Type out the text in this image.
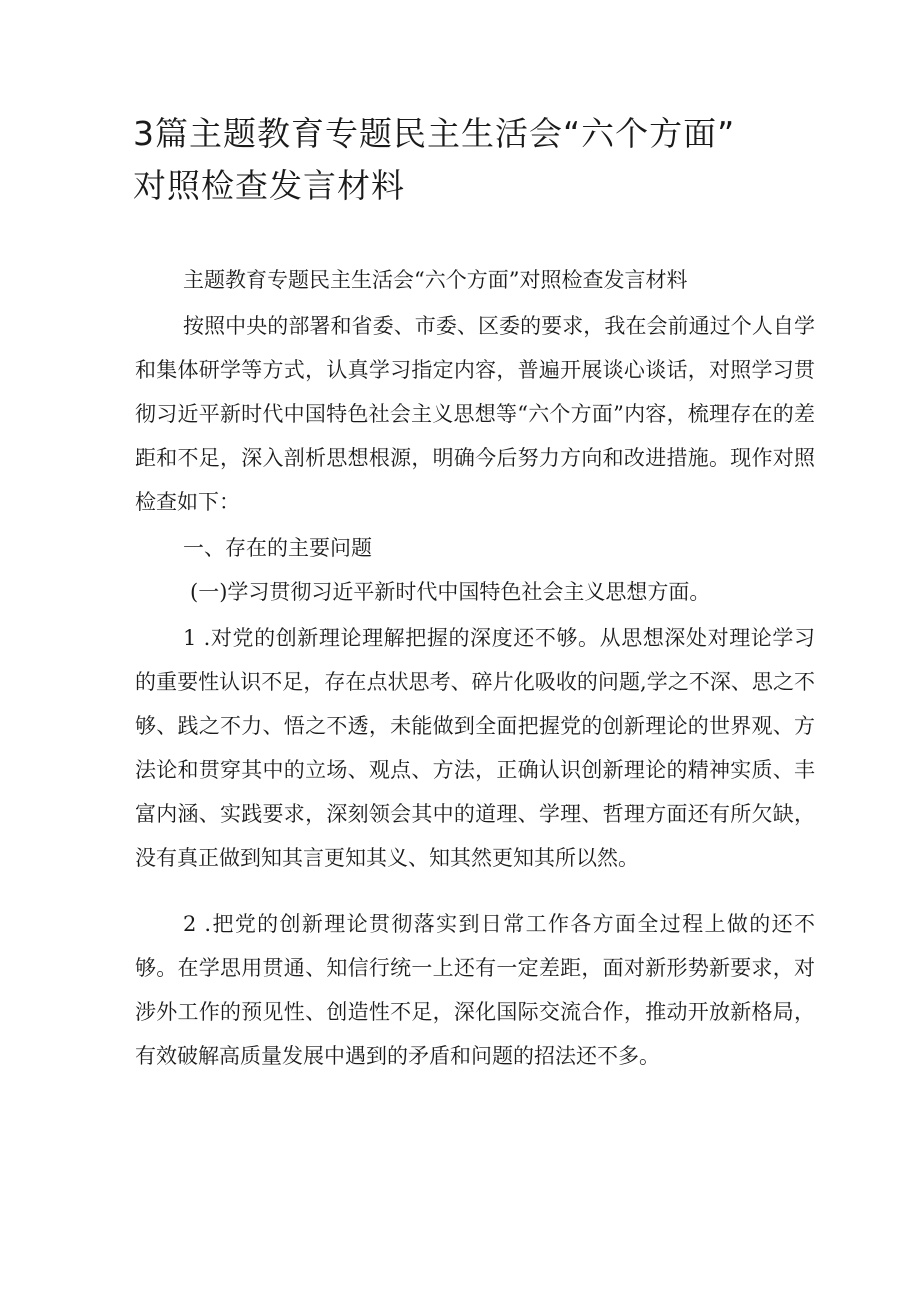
3篇主题教育专题民主生活会“六个方面”
对照检查发言材料

主题教育专题民主生活会“六个方面”对照检查发言材料

按照中央的部署和省委、市委、区委的要求，我在会前通过个人自学和集体研学等方式，认真学习指定内容，普遍开展谈心谈话，对照学习贯彻习近平新时代中国特色社会主义思想等“六个方面”内容，梳理存在的差距和不足，深入剖析思想根源，明确今后努力方向和改进措施。现作对照检查如下：

一、存在的主要问题

(一)学习贯彻习近平新时代中国特色社会主义思想方面。

1 .对党的创新理论理解把握的深度还不够。从思想深处对理论学习的重要性认识不足，存在点状思考、碎片化吸收的问题,学之不深、思之不够、践之不力、悟之不透，未能做到全面把握党的创新理论的世界观、方法论和贯穿其中的立场、观点、方法，正确认识创新理论的精神实质、丰富内涵、实践要求，深刻领会其中的道理、学理、哲理方面还有所欠缺，没有真正做到知其言更知其义、知其然更知其所以然。

2 .把党的创新理论贯彻落实到日常工作各方面全过程上做的还不够。在学思用贯通、知信行统一上还有一定差距，面对新形势新要求，对涉外工作的预见性、创造性不足，深化国际交流合作，推动开放新格局，有效破解高质量发展中遇到的矛盾和问题的招法还不多。
